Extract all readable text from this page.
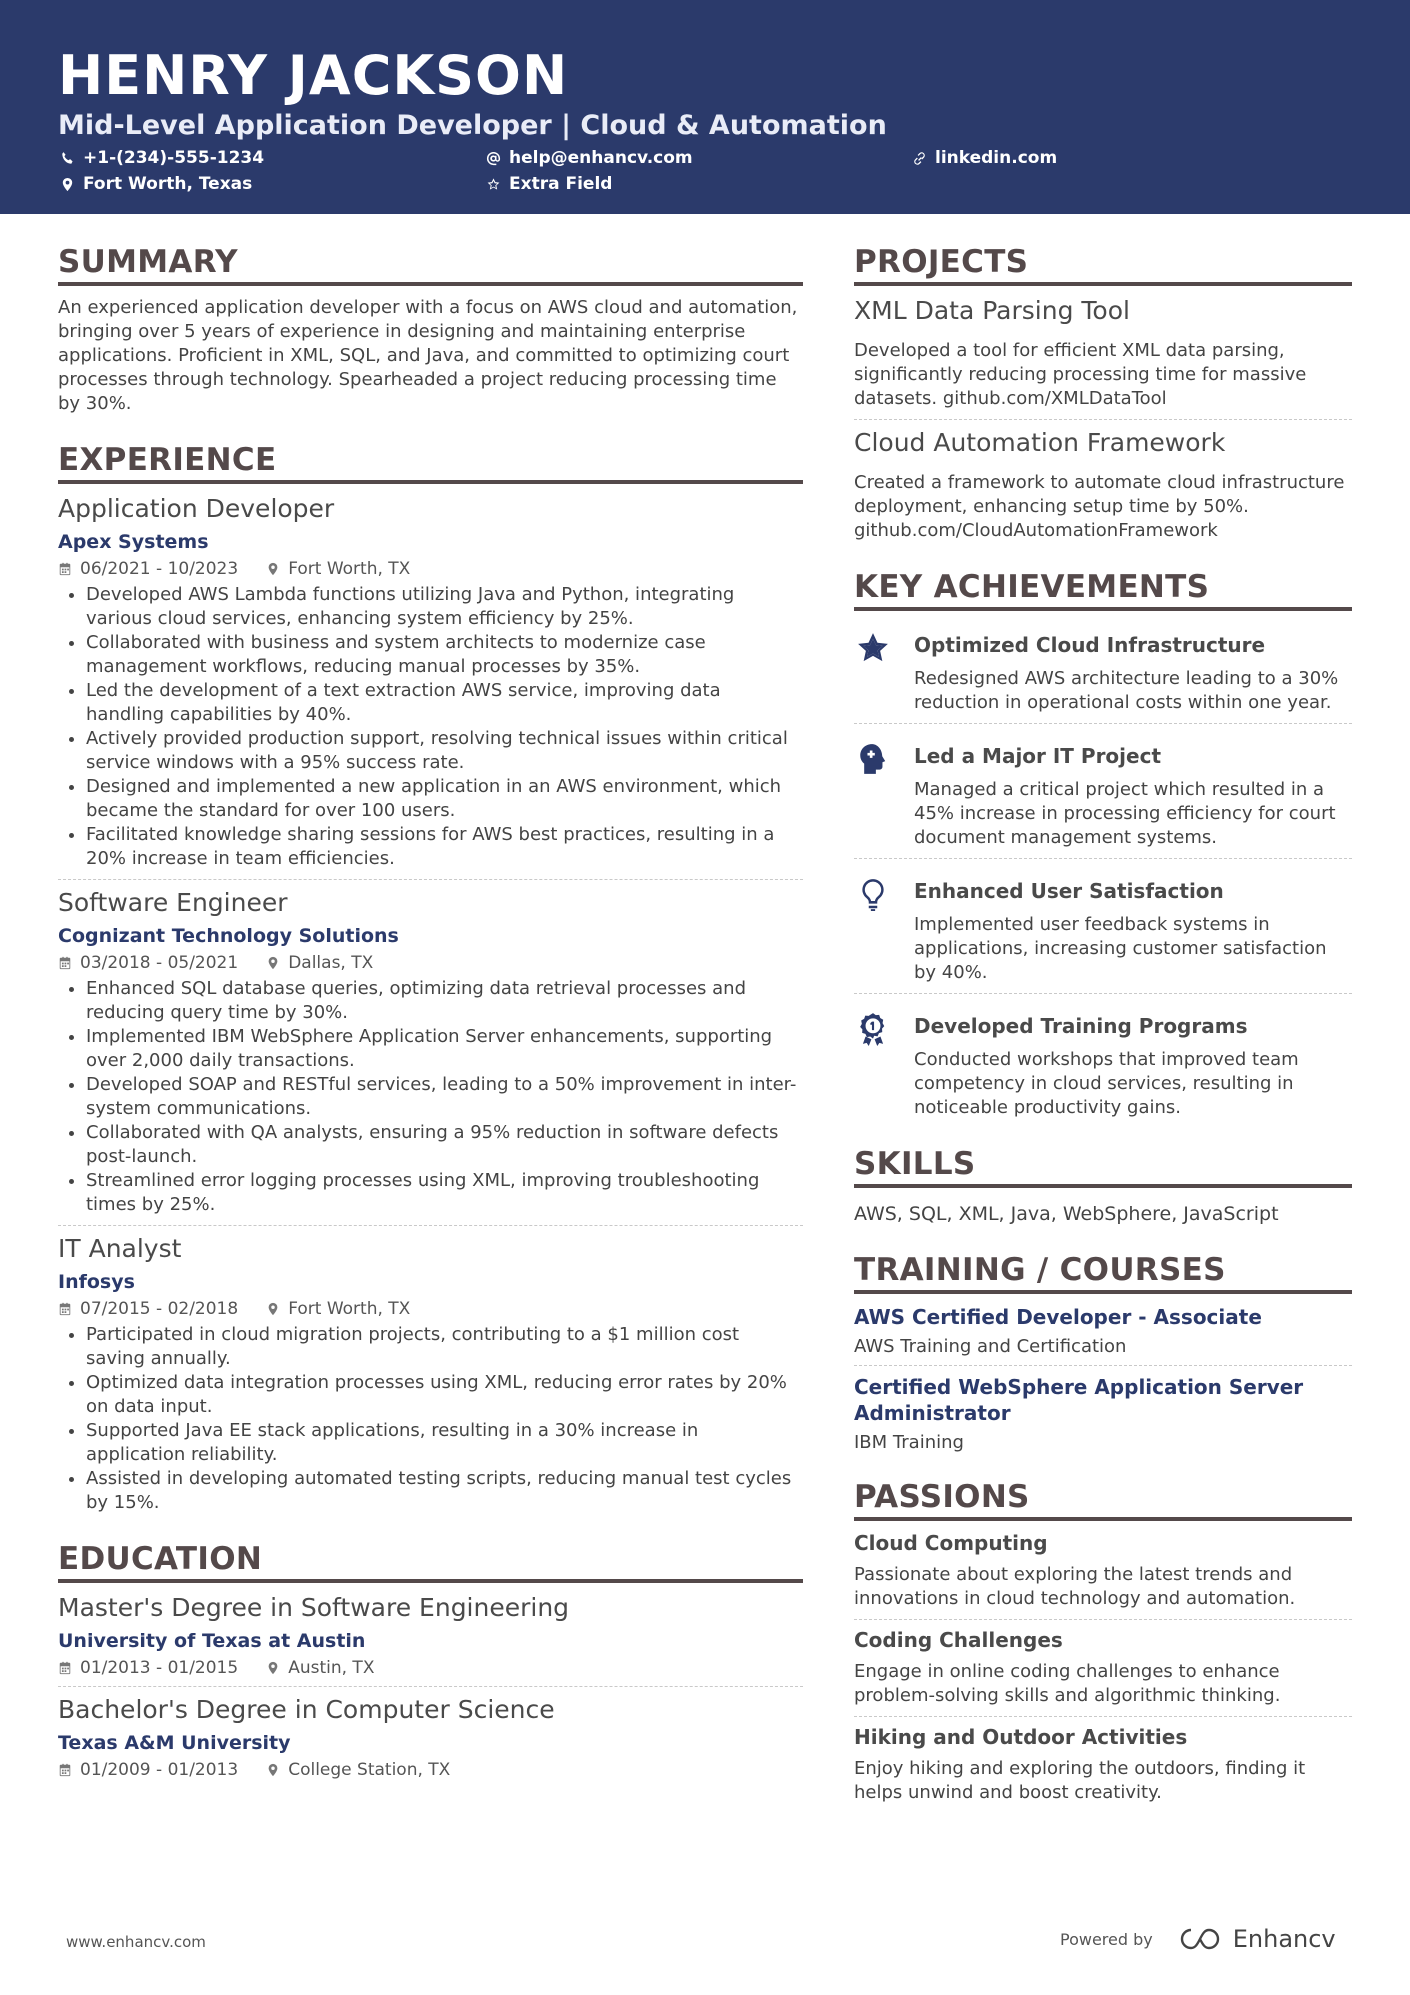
HENRY JACKSON
Mid-Level Application Developer | Cloud & Automation
+1-(234)-555-1234	help@enhancv.com	linkedin.com
Fort Worth, Texas	Extra Field
SUMMARY
An experienced application developer with a focus on AWS cloud and automation, bringing over 5 years of experience in designing and maintaining enterprise applications. Proficient in XML, SQL, and Java, and committed to optimizing court processes through technology. Spearheaded a project reducing processing time by 30%.
EXPERIENCE
Application Developer
Apex Systems
06/2021 - 10/2023	Fort Worth, TX
• Developed AWS Lambda functions utilizing Java and Python, integrating various cloud services, enhancing system efficiency by 25%.
• Collaborated with business and system architects to modernize case management workflows, reducing manual processes by 35%.
• Led the development of a text extraction AWS service, improving data handling capabilities by 40%.
• Actively provided production support, resolving technical issues within critical service windows with a 95% success rate.
• Designed and implemented a new application in an AWS environment, which became the standard for over 100 users.
• Facilitated knowledge sharing sessions for AWS best practices, resulting in a 20% increase in team efficiencies.
Software Engineer
Cognizant Technology Solutions
03/2018 - 05/2021	Dallas, TX
• Enhanced SQL database queries, optimizing data retrieval processes and reducing query time by 30%.
• Implemented IBM WebSphere Application Server enhancements, supporting over 2,000 daily transactions.
• Developed SOAP and RESTful services, leading to a 50% improvement in inter-system communications.
• Collaborated with QA analysts, ensuring a 95% reduction in software defects post-launch.
• Streamlined error logging processes using XML, improving troubleshooting times by 25%.
IT Analyst
Infosys
07/2015 - 02/2018	Fort Worth, TX
• Participated in cloud migration projects, contributing to a $1 million cost saving annually.
• Optimized data integration processes using XML, reducing error rates by 20% on data input.
• Supported Java EE stack applications, resulting in a 30% increase in application reliability.
• Assisted in developing automated testing scripts, reducing manual test cycles by 15%.
EDUCATION
Master's Degree in Software Engineering
University of Texas at Austin
01/2013 - 01/2015	Austin, TX
Bachelor's Degree in Computer Science
Texas A&M University
01/2009 - 01/2013	College Station, TX
PROJECTS
XML Data Parsing Tool
Developed a tool for efficient XML data parsing, significantly reducing processing time for massive datasets. github.com/XMLDataTool
Cloud Automation Framework
Created a framework to automate cloud infrastructure deployment, enhancing setup time by 50%. github.com/CloudAutomationFramework
KEY ACHIEVEMENTS
Optimized Cloud Infrastructure
Redesigned AWS architecture leading to a 30% reduction in operational costs within one year.
Led a Major IT Project
Managed a critical project which resulted in a 45% increase in processing efficiency for court document management systems.
Enhanced User Satisfaction
Implemented user feedback systems in applications, increasing customer satisfaction by 40%.
Developed Training Programs
Conducted workshops that improved team competency in cloud services, resulting in noticeable productivity gains.
SKILLS
AWS, SQL, XML, Java, WebSphere, JavaScript
TRAINING / COURSES
AWS Certified Developer - Associate
AWS Training and Certification
Certified WebSphere Application Server Administrator
IBM Training
PASSIONS
Cloud Computing
Passionate about exploring the latest trends and innovations in cloud technology and automation.
Coding Challenges
Engage in online coding challenges to enhance problem-solving skills and algorithmic thinking.
Hiking and Outdoor Activities
Enjoy hiking and exploring the outdoors, finding it helps unwind and boost creativity.
www.enhancv.com	Powered by	Enhancv
